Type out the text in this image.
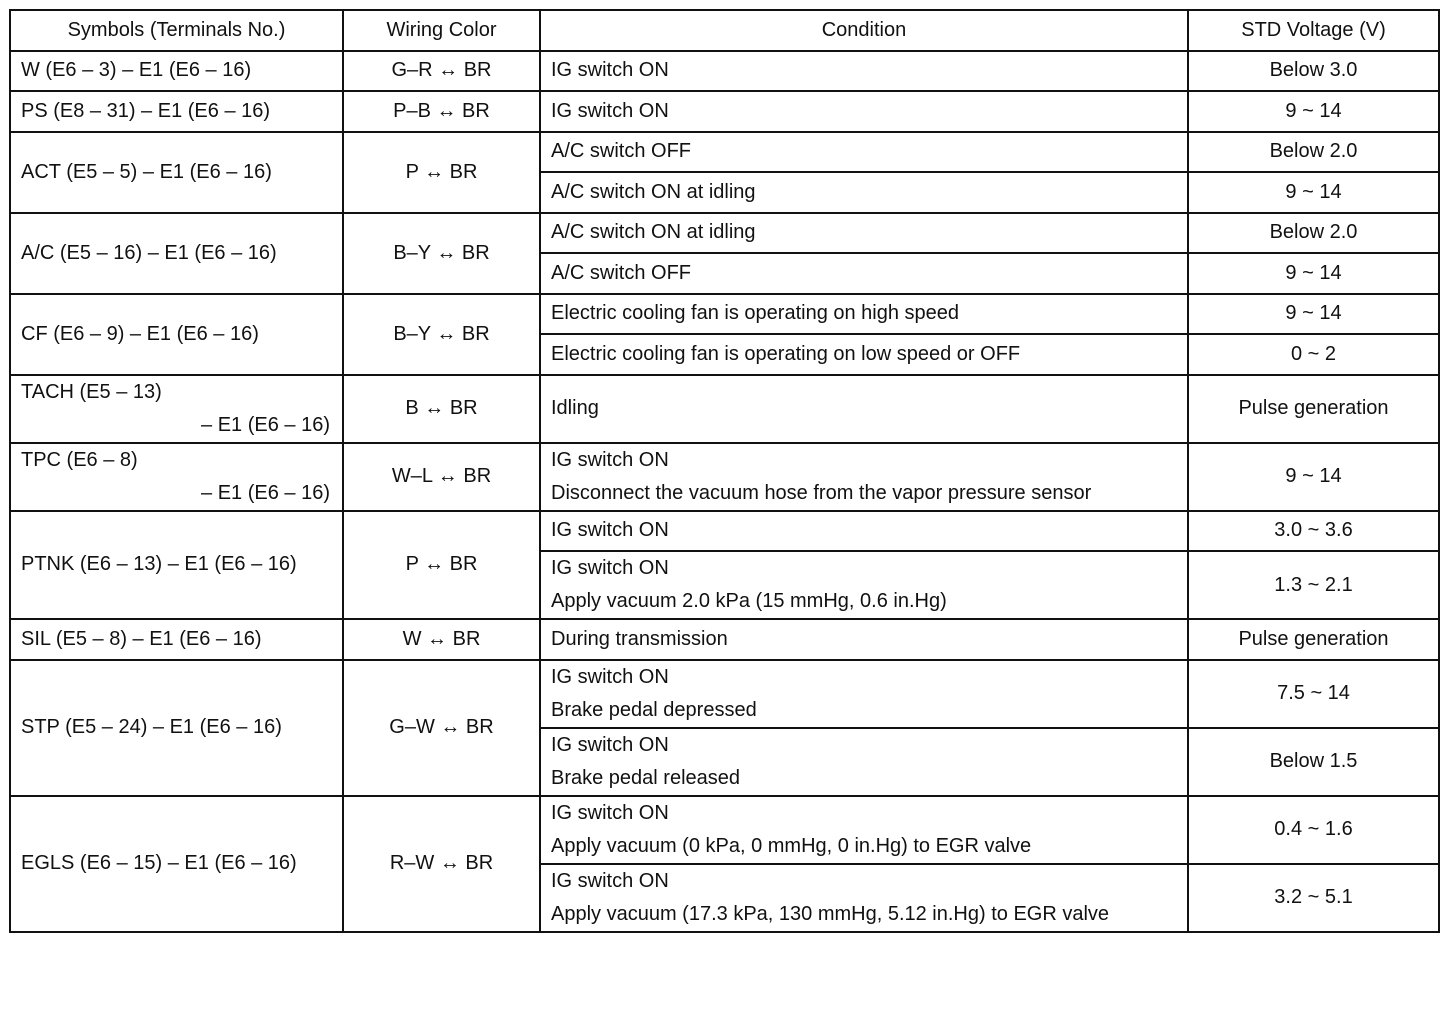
Symbols (Terminals No.)	Wiring Color	Condition	STD Voltage (V)
W (E6 – 3) – E1 (E6 – 16)	G–R ↔ BR	IG switch ON	Below 3.0
PS (E8 – 31) – E1 (E6 – 16)	P–B ↔ BR	IG switch ON	9 ~ 14
ACT (E5 – 5) – E1 (E6 – 16)	P ↔ BR	A/C switch OFF	Below 2.0
		A/C switch ON at idling	9 ~ 14
A/C (E5 – 16) – E1 (E6 – 16)	B–Y ↔ BR	A/C switch ON at idling	Below 2.0
		A/C switch OFF	9 ~ 14
CF (E6 – 9) – E1 (E6 – 16)	B–Y ↔ BR	Electric cooling fan is operating on high speed	9 ~ 14
		Electric cooling fan is operating on low speed or OFF	0 ~ 2
TACH (E5 – 13)

– E1 (E6 – 16)	B ↔ BR	Idling	Pulse generation
TPC (E6 – 8)

– E1 (E6 – 16)	W–L ↔ BR	IG switch ON
Disconnect the vacuum hose from the vapor pressure sensor	9 ~ 14
PTNK (E6 – 13) – E1 (E6 – 16)	P ↔ BR	IG switch ON	3.0 ~ 3.6
		IG switch ON
Apply vacuum 2.0 kPa (15 mmHg, 0.6 in.Hg)	1.3 ~ 2.1
SIL (E5 – 8) – E1 (E6 – 16)	W ↔ BR	During transmission	Pulse generation
STP (E5 – 24) – E1 (E6 – 16)	G–W ↔ BR	IG switch ON
Brake pedal depressed	7.5 ~ 14
		IG switch ON
Brake pedal released	Below 1.5
EGLS (E6 – 15) – E1 (E6 – 16)	R–W ↔ BR	IG switch ON
Apply vacuum (0 kPa, 0 mmHg, 0 in.Hg) to EGR valve	0.4 ~ 1.6
		IG switch ON
Apply vacuum (17.3 kPa, 130 mmHg, 5.12 in.Hg) to EGR valve	3.2 ~ 5.1
